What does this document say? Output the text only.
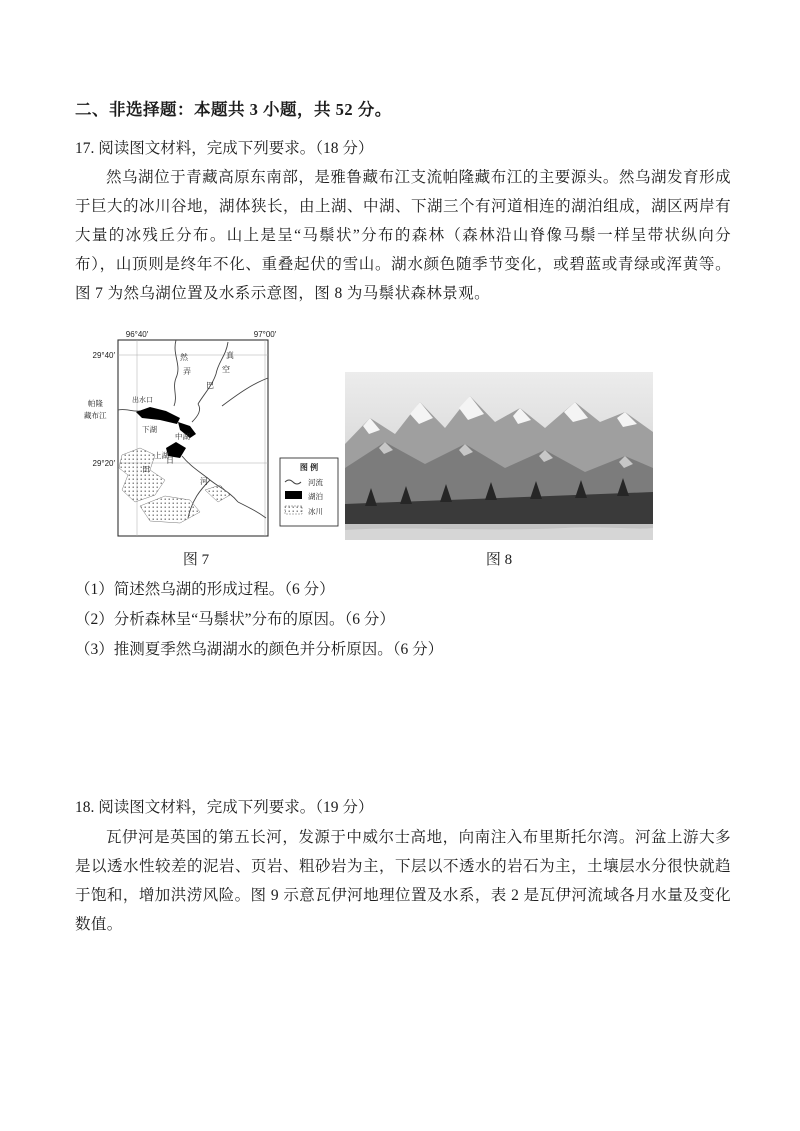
二、非选择题：本题共 3 小题，共 52 分。
17. 阅读图文材料，完成下列要求。（18 分）
然乌湖位于青藏高原东南部，是雅鲁藏布江支流帕隆藏布江的主要源头。然乌湖发育形成于巨大的冰川谷地，湖体狭长，由上湖、中湖、下湖三个有河道相连的湖泊组成，湖区两岸有大量的冰残丘分布。山上是呈“马鬃状”分布的森林（森林沿山脊像马鬃一样呈带状纵向分布），山顶则是终年不化、重叠起伏的雪山。湖水颜色随季节变化，或碧蓝或青绿或浑黄等。图 7 为然乌湖位置及水系示意图，图 8 为马鬃状森林景观。
96°40′	97°00′
29°40′
29°20′
然
弄
真
空
巴
帕隆
藏布江
出水口
下湖
中湖
上湖
田
日
河
图 例
河流
湖泊
冰川
图 7	图 8
（1）简述然乌湖的形成过程。（6 分）
（2）分析森林呈“马鬃状”分布的原因。（6 分）
（3）推测夏季然乌湖湖水的颜色并分析原因。（6 分）
18. 阅读图文材料，完成下列要求。（19 分）
瓦伊河是英国的第五长河，发源于中威尔士高地，向南注入布里斯托尔湾。河盆上游大多是以透水性较差的泥岩、页岩、粗砂岩为主，下层以不透水的岩石为主，土壤层水分很快就趋于饱和，增加洪涝风险。图 9 示意瓦伊河地理位置及水系，表 2 是瓦伊河流域各月水量及变化数值。
